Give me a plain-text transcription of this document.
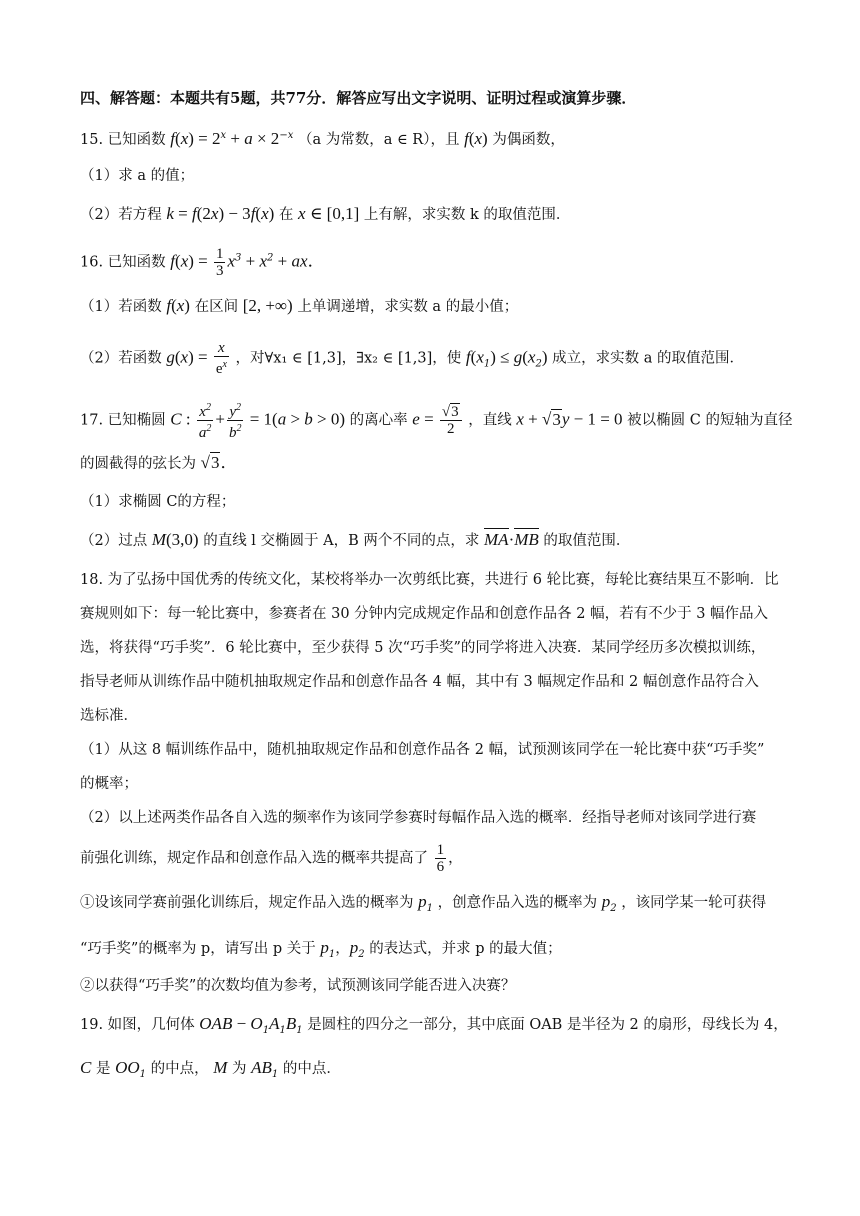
四、解答题：本题共有5题，共77分．解答应写出文字说明、证明过程或演算步骤．
15. 已知函数 $f(x) = 2^x + a \times 2^{-x}$ （a 为常数，a ∈ R），且 f(x) 为偶函数，
（1）求 a 的值；
（2）若方程 k = f(2x) − 3f(x) 在 x ∈ [0,1] 上有解，求实数 k 的取值范围．
16. 已知函数 $f(x) = \frac{1}{3} x^3 + x^2$ + ax．
（1）若函数 f(x) 在区间 [2, +∞) 上单调递增，求实数 a 的最小值；
（2）若函数 $g(x) = \frac{x}{e^x}$ ，对∀x₁ ∈ [1,3]，∃x₂ ∈ [1,3]，使 $f(x_1) \le g(x_2)$ 成立，求实数 a 的取值范围．
17. 已知椭圆 C : $\frac{x^2}{a^2} + \frac{y^2}{b^2} = 1(a > b > 0)$ 的离心率 $e = \frac{√3}{2}$ ，直线 x + √3y − 1 = 0 被以椭圆 C 的短轴为直径
的圆截得的弦长为 √3．
（1）求椭圆 C的方程；
（2）过点 M(3,0) 的直线 l 交椭圆于 A，B 两个不同的点，求 MA·MB 的取值范围．
18. 为了弘扬中国优秀的传统文化，某校将举办一次剪纸比赛，共进行 6 轮比赛，每轮比赛结果互不影响．比
赛规则如下：每一轮比赛中，参赛者在 30 分钟内完成规定作品和创意作品各 2 幅，若有不少于 3 幅作品入
选，将获得“巧手奖”．6 轮比赛中，至少获得 5 次“巧手奖”的同学将进入决赛．某同学经历多次模拟训练，
指导老师从训练作品中随机抽取规定作品和创意作品各 4 幅，其中有 3 幅规定作品和 2 幅创意作品符合入
选标准．
（1）从这 8 幅训练作品中，随机抽取规定作品和创意作品各 2 幅，试预测该同学在一轮比赛中获“巧手奖”
的概率；
（2）以上述两类作品各自入选的频率作为该同学参赛时每幅作品入选的概率．经指导老师对该同学进行赛
前强化训练，规定作品和创意作品入选的概率共提高了 $\frac{1}{6}$ ，
①设该同学赛前强化训练后，规定作品入选的概率为 $p_1$ ，创意作品入选的概率为 $p_2$ ，该同学某一轮可获得
“巧手奖”的概率为 p，请写出 p 关于 $p_1$，$p_2$ 的表达式，并求 p 的最大值；
②以获得“巧手奖”的次数均值为参考，试预测该同学能否进入决赛？
19. 如图，几何体 OAB − $O_1A_1B_1$ 是圆柱的四分之一部分，其中底面 OAB 是半径为 2 的扇形，母线长为 4，
C 是 $OO_1$ 的中点， M 为 $AB_1$ 的中点．
